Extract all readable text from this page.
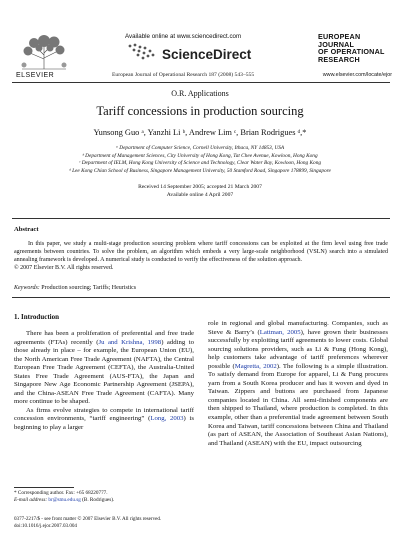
ELSEVIER
Available online at www.sciencedirect.com
ScienceDirect
European Journal of Operational Research 187 (2008) 543–555
EUROPEAN
JOURNAL
OF OPERATIONAL
RESEARCH
www.elsevier.com/locate/ejor
O.R. Applications
Tariff concessions in production sourcing
Yunsong Guo ᵃ, Yanzhi Li ᵇ, Andrew Lim ᶜ, Brian Rodrigues ᵈ,*
ᵃ Department of Computer Science, Cornell University, Ithaca, NY 14853, USA
ᵇ Department of Management Sciences, City University of Hong Kong, Tat Chee Avenue, Kowloon, Hong Kong
ᶜ Department of IELM, Hong Kong University of Science and Technology, Clear Water Bay, Kowloon, Hong Kong
ᵈ Lee Kong Chian School of Business, Singapore Management University, 50 Stamford Road, Singapore 178899, Singapore
Received 14 September 2005; accepted 21 March 2007
Available online 4 April 2007
Abstract

In this paper, we study a multi-stage production sourcing problem where tariff concessions can be exploited at the firm level using free trade agreements between countries. To solve the problem, an algorithm which embeds a very large-scale neighborhood (VSLN) search into a simulated annealing framework is developed. A numerical study is conducted to verify the effectiveness of the solution approach.

© 2007 Elsevier B.V. All rights reserved.
Keywords: Production sourcing; Tariffs; Heuristics
1. Introduction

There has been a proliferation of preferential and free trade agreements (FTAs) recently (Ju and Krishna, 1998) adding to those already in place – for example, the European Union (EU), the North American Free Trade Agreement (NAFTA), the Central European Free Trade Agreement (CEFTA), the Australia-United States Free Trade Agreement (AUS-FTA), the Japan and Singapore New Age Economic Partnership Agreement (JSEPA), and the China-ASEAN Free Trade Agreement (CAFTA). Many more continue to be shaped.

As firms evolve strategies to compete in international tariff concession environments, “tariff engineering” (Long, 2003) is beginning to play a larger

role in regional and global manufacturing. Companies, such as Steve & Barry’s (Lattman, 2005), have grown their businesses successfully by exploiting tariff agreements to lower costs. Global sourcing solutions providers, such as Li & Fung (Hong Kong), help customers take advantage of tariff preferences wherever possible (Magretta, 2002). The following is a simple illustration. To satisfy demand from Europe for apparel, Li & Fung procures yarn from a South Korea producer and has it woven and dyed in Taiwan. Zippers and buttons are purchased from Japanese companies located in China. All semi-finished components are then shipped to Thailand, where production is completed. In this example, other than a preferential trade agreement between South Korea and Taiwan, tariff concessions between China and Thailand (as part of ASEAN, the Association of Southeast Asian Nations), and Thailand (ASEAN) with the EU, impact outsourcing

* Corresponding author. Fax: +65 68220777.
E-mail address: br@smu.edu.sg (B. Rodrigues).
0377-2217/$ - see front matter © 2007 Elsevier B.V. All rights reserved.
doi:10.1016/j.ejor.2007.03.004
